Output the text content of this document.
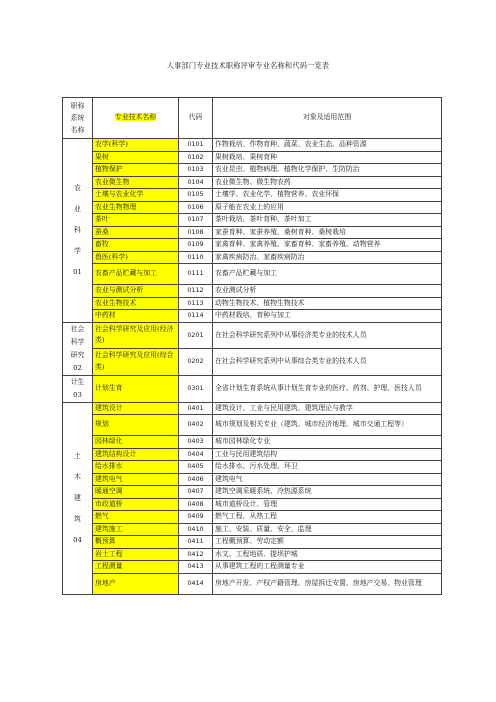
人事部门专业技术职称评审专业名称和代码一览表
职称
系统
名称	专业技术名称	代码	对象及适用范围

农
业
科
学
01	农学(科学)	0101	作物栽培、作物育种、蔬菜、农业生态、品种资源
	果树	0102	果树栽培、果树育种
	植物保护	0103	农业昆虫、植物病理、植物化学保护、生防防治
	农业微生物	0104	农业微生物、微生物农药
	土壤与农业化学	0105	土壤学、农业化学、植物营养、农业环保
	农业生物物理	0106	原子能在农业上的应用
	茶叶	0107	茶叶栽培、茶叶育种、茶叶加工
	蚕桑	0108	家蚕育种、家蚕养殖、桑树育种、桑树栽培
	畜牧	0109	家禽育种、家禽养殖、家畜育种、家畜养殖、动物营养
	兽医(科学)	0110	家禽疾病防治、家畜疾病防治
	农畜产品贮藏与加工	0111	农畜产品贮藏与加工
	农业与测试分析	0112	农业测试分析
	农业生物技术	0113	动物生物技术、植物生物技术
	中药材	0114	中药材栽培、育种与加工

社会
科学
研究
02	社会科学研究及应用(经济类)	0201	在社会科学研究系列中从事经济类专业的技术人员
	社会科学研究及应用(综合类)	0202	在社会科学研究系列中从事综合类专业的技术人员

计生
03	计划生育	0301	全省计划生育系统从事计划生育专业的医疗、药剂、护理、医技人员

土
木
建
筑
04	建筑设计	0401	建筑设计、工业与民用建筑、建筑理论与教学
	规划	0402	城市规划及相关专业（建筑、城市经济地理、城市交通工程等）
	园林绿化	0403	城市园林绿化专业
	建筑结构设计	0404	工业与民用建筑结构
	给水排水	0405	给水排水、污水处理、环卫
	建筑电气	0406	建筑电气
	暖通空调	0407	建筑空调采暖系统、冷热源系统
	市政道桥	0408	城市道桥设计、管理
	燃气	0409	燃气工程、从热工程
	建筑施工	0410	施工、安装、质量、安全、监理
	概预算	0411	工程概预算、劳动定额
	岩土工程	0412	水文、工程地质、提坝护城
	工程测量	0413	从事建筑工程的工程测量专业
	房地产	0414	房地产开发、产权产籍管理、房屋拆迁安置、房地产交易、物业管理
